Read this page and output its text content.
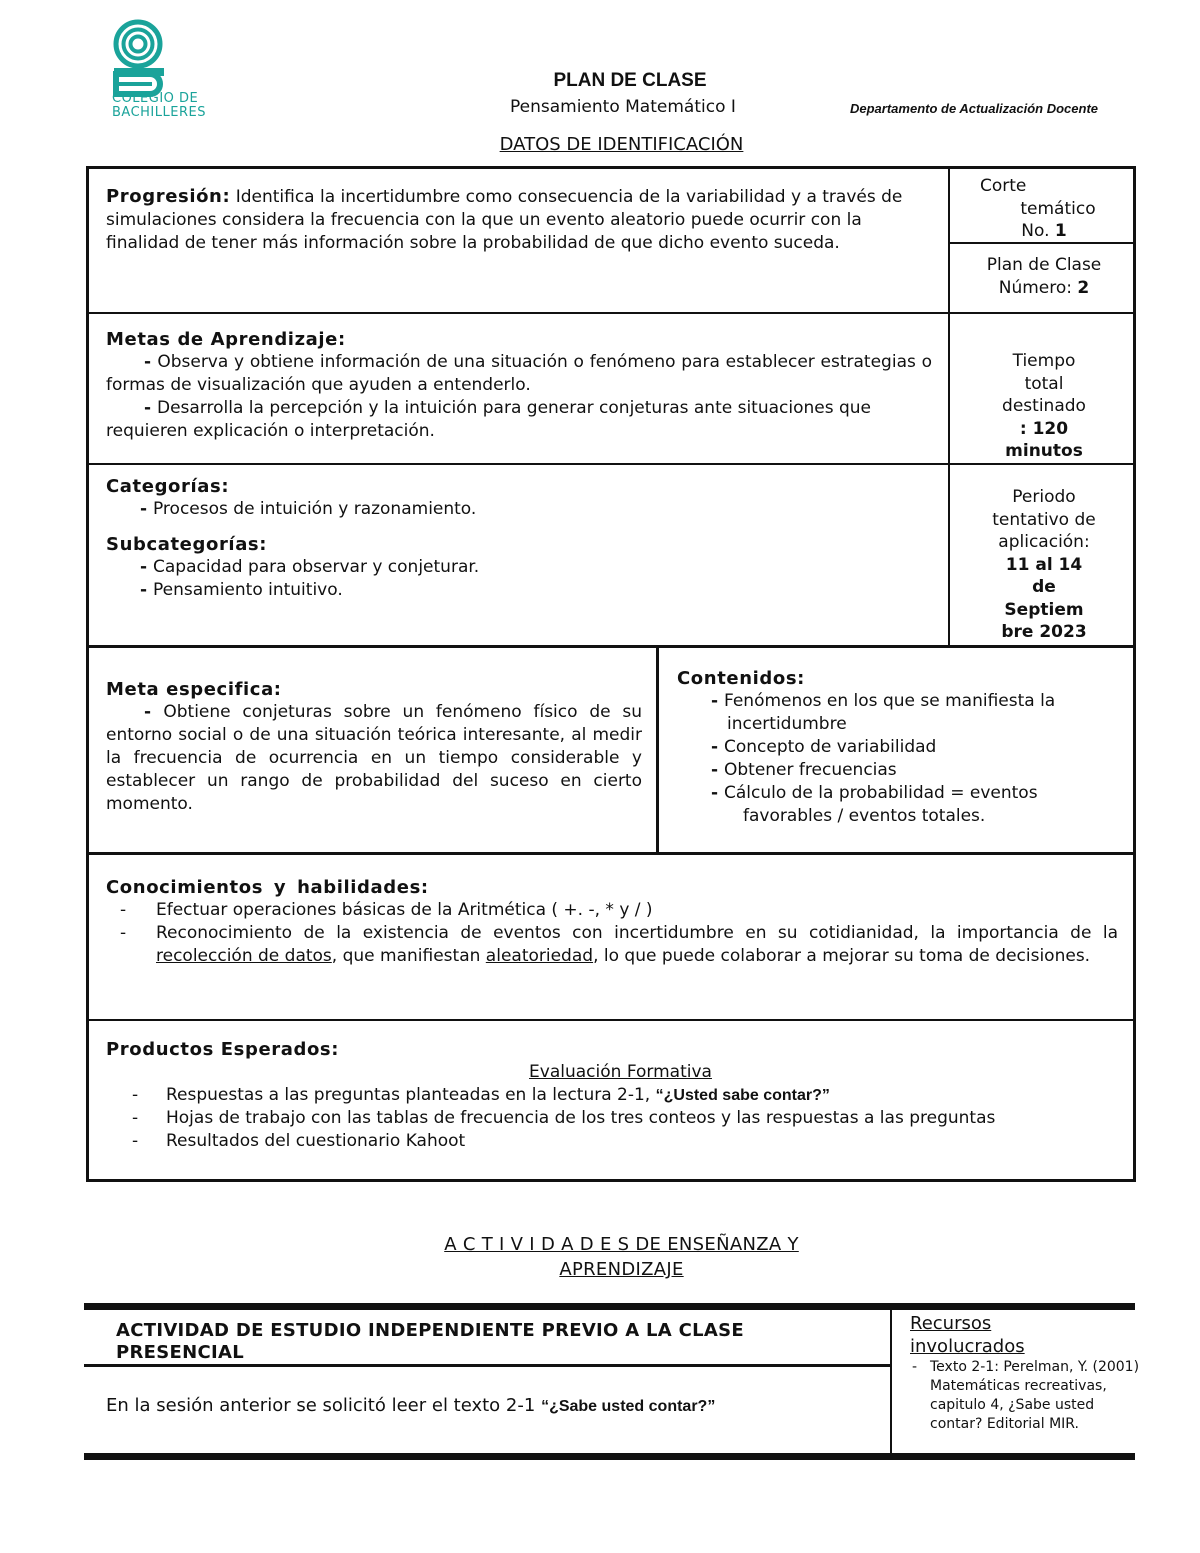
COLEGIO DE
BACHILLERES
PLAN DE CLASE
Pensamiento Matemático I	Departamento de Actualización Docente
DATOS DE IDENTIFICACIÓN
Progresión: Identifica la incertidumbre como consecuencia de la variabilidad y a través de simulaciones considera la frecuencia con la que un evento aleatorio puede ocurrir con la finalidad de tener más información sobre la probabilidad de que dicho evento suceda.
Corte
temático
No. 1
Plan de Clase
Número: 2
Metas de Aprendizaje:
- Observa y obtiene información de una situación o fenómeno para establecer estrategias o formas de visualización que ayuden a entenderlo.
- Desarrolla la percepción y la intuición para generar conjeturas ante situaciones que requieren explicación o interpretación.
Tiempo
total
destinado
: 120
minutos
Categorías:
- Procesos de intuición y razonamiento.
Subcategorías:
- Capacidad para observar y conjeturar.
- Pensamiento intuitivo.
Periodo
tentativo de
aplicación:
11 al 14
de
Septiem
bre 2023
Meta especifica:
- Obtiene conjeturas sobre un fenómeno físico de su entorno social o de una situación teórica interesante, al medir la frecuencia de ocurrencia en un tiempo considerable y establecer un rango de probabilidad del suceso en cierto momento.
Contenidos:
- Fenómenos en los que se manifiesta la incertidumbre
- Concepto de variabilidad
- Obtener frecuencias
- Cálculo de la probabilidad = eventos favorables / eventos totales.
Conocimientos y habilidades:
- Efectuar operaciones básicas de la Aritmética ( +. -, * y / )
- Reconocimiento de la existencia de eventos con incertidumbre en su cotidianidad, la importancia de la recolección de datos, que manifiestan aleatoriedad, lo que puede colaborar a mejorar su toma de decisiones.
Productos Esperados:
Evaluación Formativa
- Respuestas a las preguntas planteadas en la lectura 2-1, “¿Usted sabe contar?”
- Hojas de trabajo con las tablas de frecuencia de los tres conteos y las respuestas a las preguntas
- Resultados del cuestionario Kahoot
A C T I V I D A D E S DE ENSEÑANZA Y
APRENDIZAJE
ACTIVIDAD DE ESTUDIO INDEPENDIENTE PREVIO A LA CLASE PRESENCIAL
En la sesión anterior se solicitó leer el texto 2-1 “¿Sabe usted contar?”
Recursos involucrados
- Texto 2-1: Perelman, Y. (2001) Matemáticas recreativas, capitulo 4, ¿Sabe usted contar? Editorial MIR.
